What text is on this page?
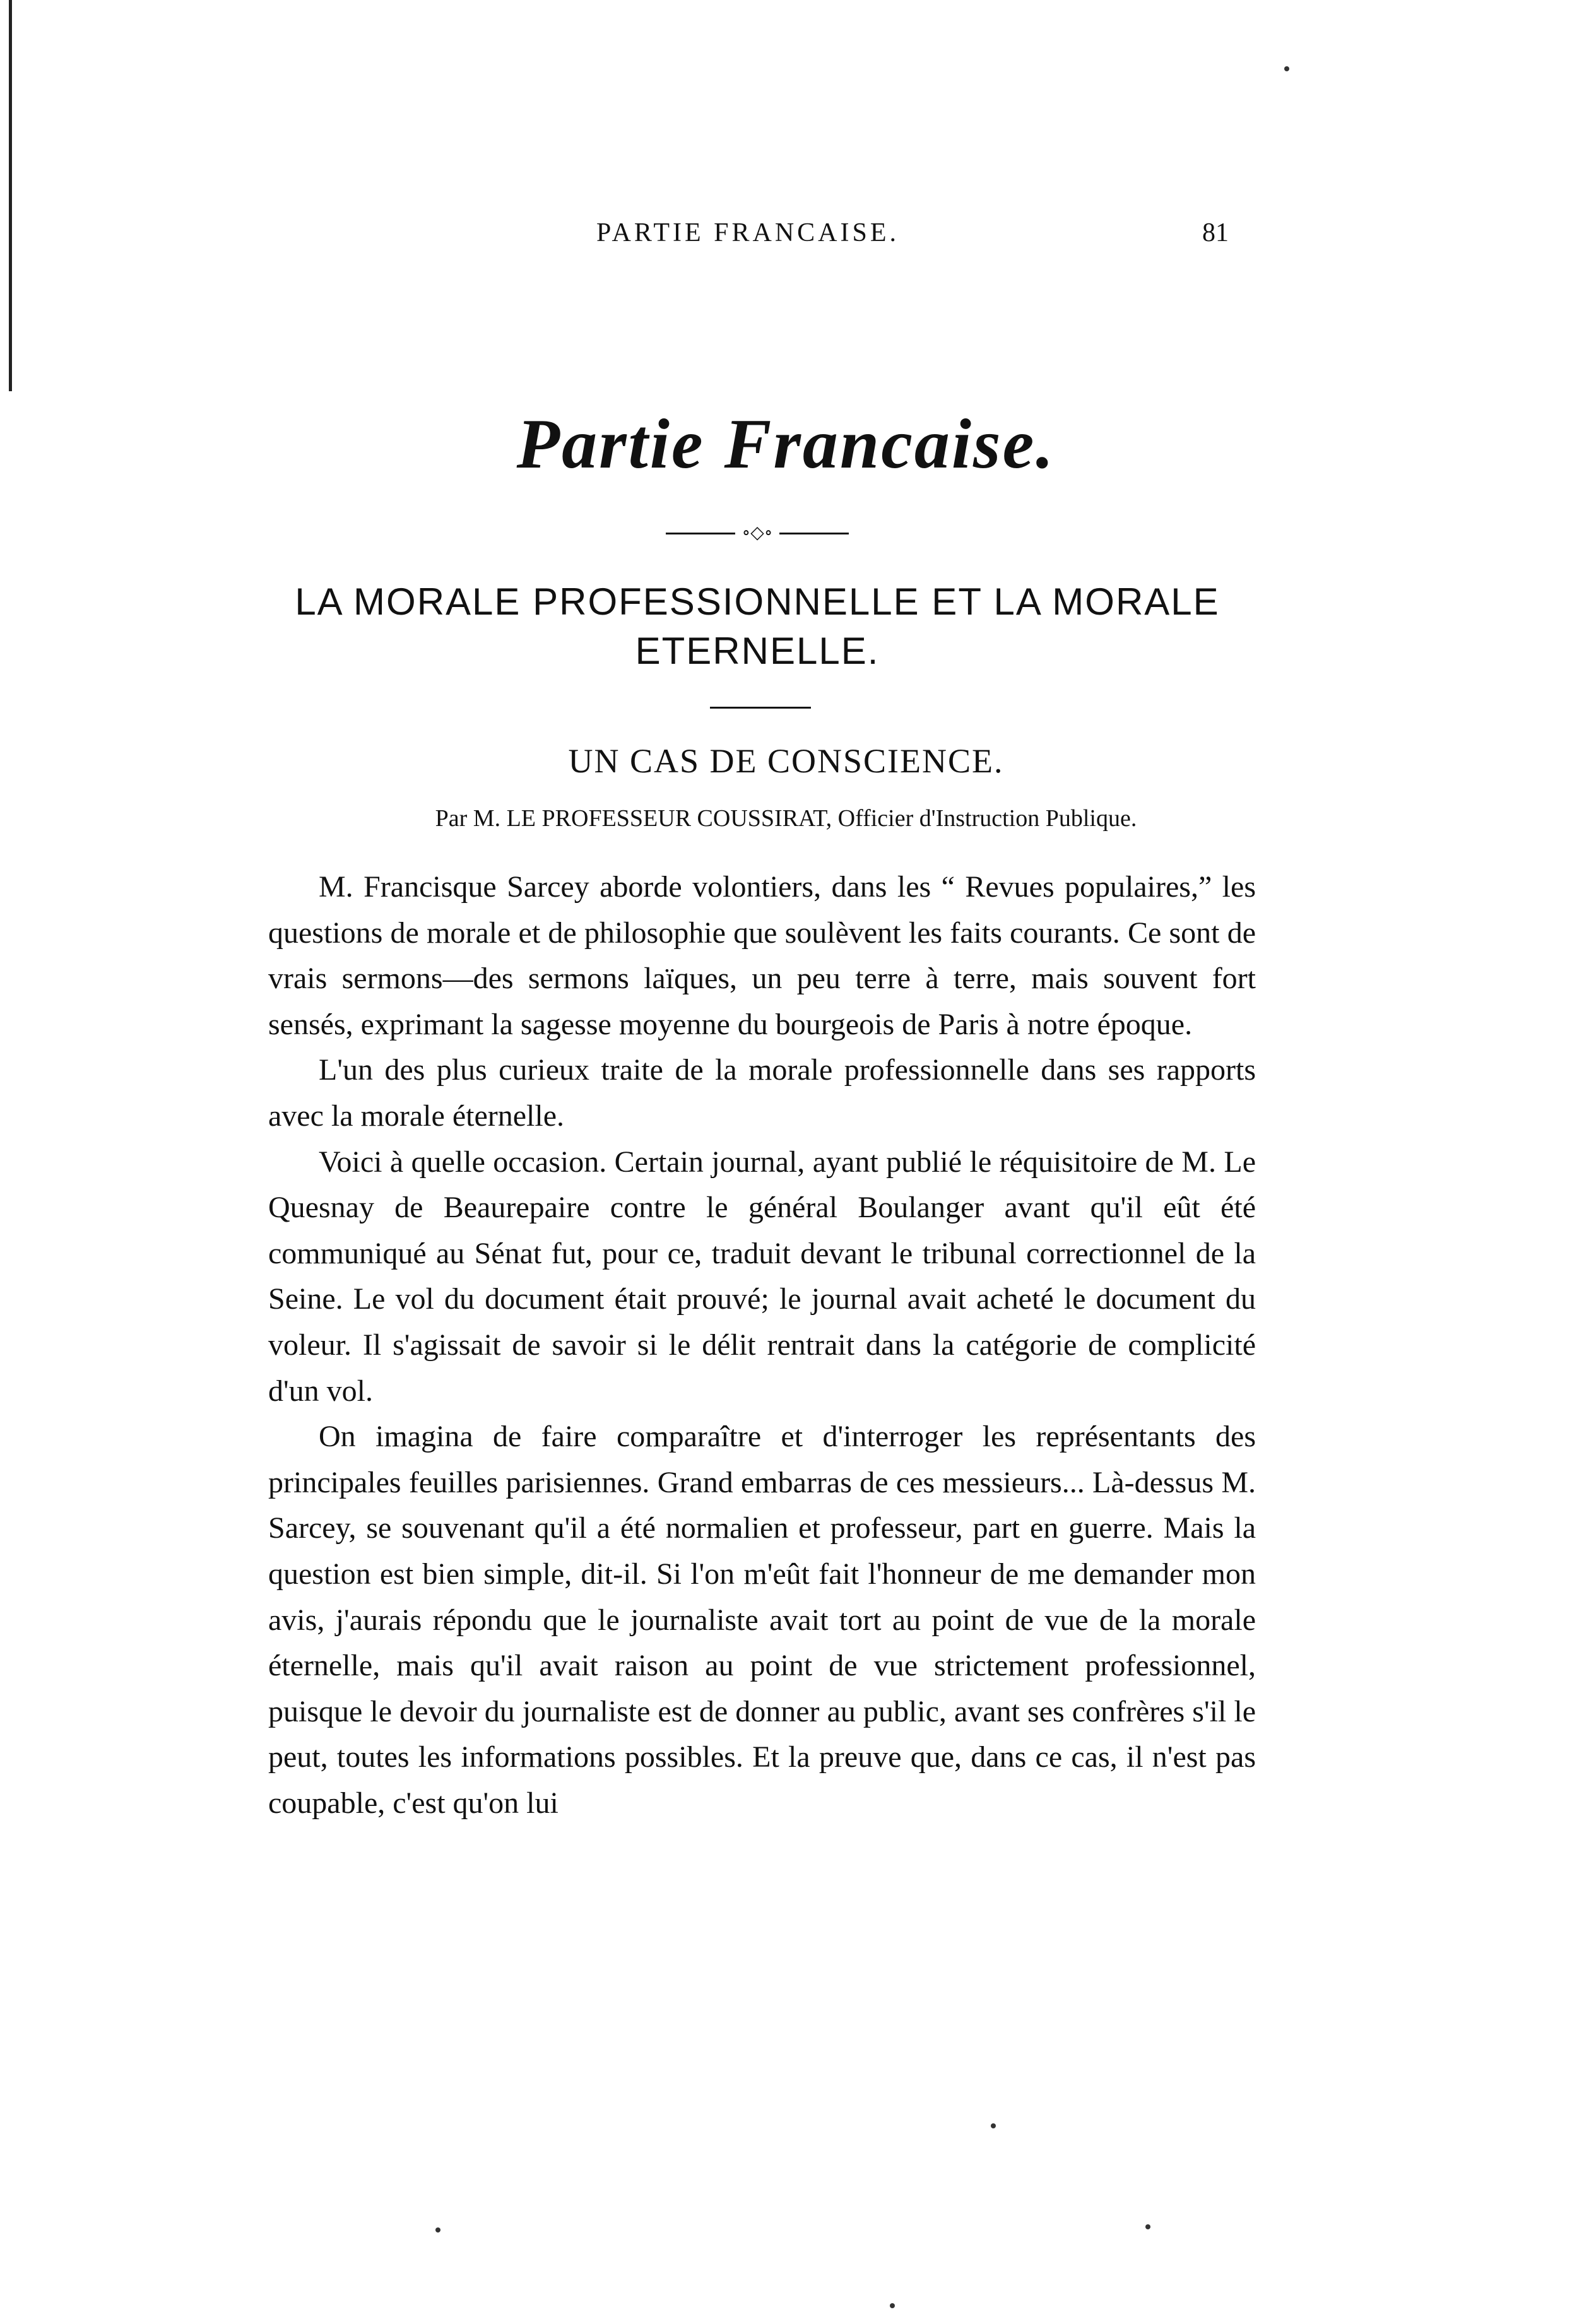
PARTIE FRANCAISE.	81
Partie Francaise.
∘◇∘
LA MORALE PROFESSIONNELLE ET LA MORALE ETERNELLE.
UN CAS DE CONSCIENCE.
Par M. LE PROFESSEUR COUSSIRAT, Officier d'Instruction Publique.

M. Francisque Sarcey aborde volontiers, dans les “ Revues populaires,” les questions de morale et de philosophie que soulèvent les faits courants. Ce sont de vrais sermons—des sermons laïques, un peu terre à terre, mais souvent fort sensés, exprimant la sagesse moyenne du bourgeois de Paris à notre époque.

L'un des plus curieux traite de la morale professionnelle dans ses rapports avec la morale éternelle.

Voici à quelle occasion. Certain journal, ayant publié le réquisitoire de M. Le Quesnay de Beaurepaire contre le général Boulanger avant qu'il eût été communiqué au Sénat fut, pour ce, traduit devant le tribunal correctionnel de la Seine. Le vol du document était prouvé; le journal avait acheté le document du voleur. Il s'agissait de savoir si le délit rentrait dans la catégorie de complicité d'un vol.

On imagina de faire comparaître et d'interroger les représentants des principales feuilles parisiennes. Grand embarras de ces messieurs... Là-dessus M. Sarcey, se souvenant qu'il a été normalien et professeur, part en guerre. Mais la question est bien simple, dit-il. Si l'on m'eût fait l'honneur de me demander mon avis, j'aurais répondu que le journaliste avait tort au point de vue de la morale éternelle, mais qu'il avait raison au point de vue strictement professionnel, puisque le devoir du journaliste est de donner au public, avant ses confrères s'il le peut, toutes les informations possibles. Et la preuve que, dans ce cas, il n'est pas coupable, c'est qu'on lui
